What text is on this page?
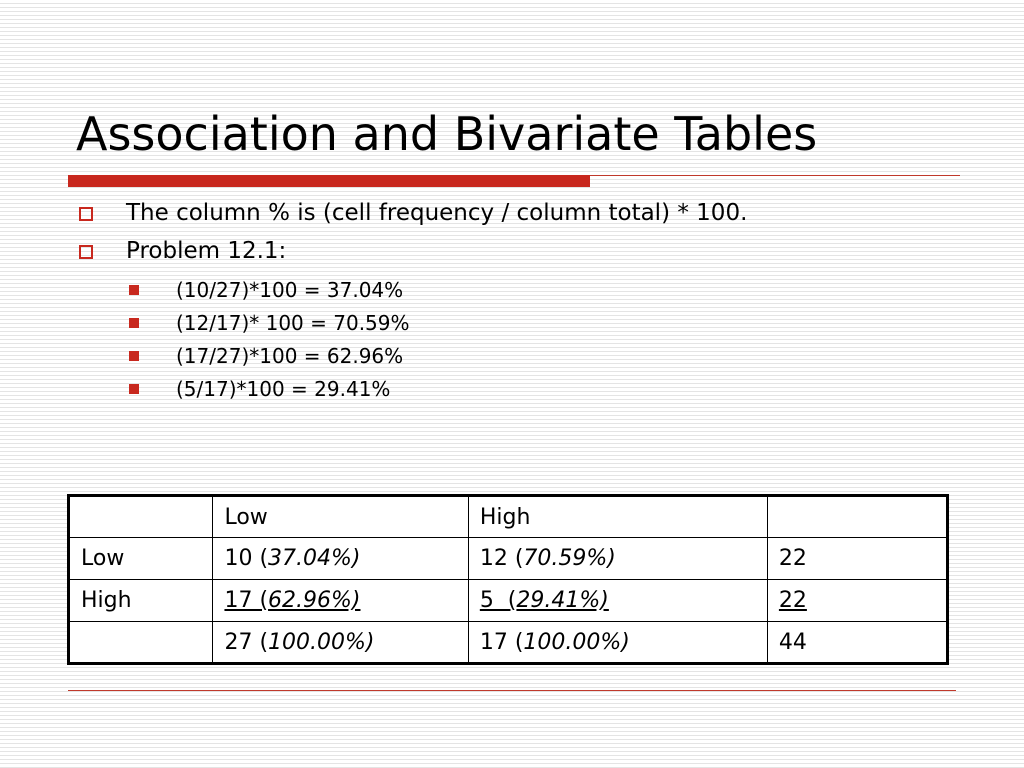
Association and Bivariate Tables
The column % is (cell frequency / column total) * 100.
Problem 12.1:
(10/27)*100 = 37.04%
(12/17)* 100 = 70.59%
(17/27)*100 = 62.96%
(5/17)*100 = 29.41%
	Low	High	
Low	10 (37.04%)	12 (70.59%)	22
High	17 (62.96%)	5  (29.41%)	22
	27 (100.00%)	17 (100.00%)	44
